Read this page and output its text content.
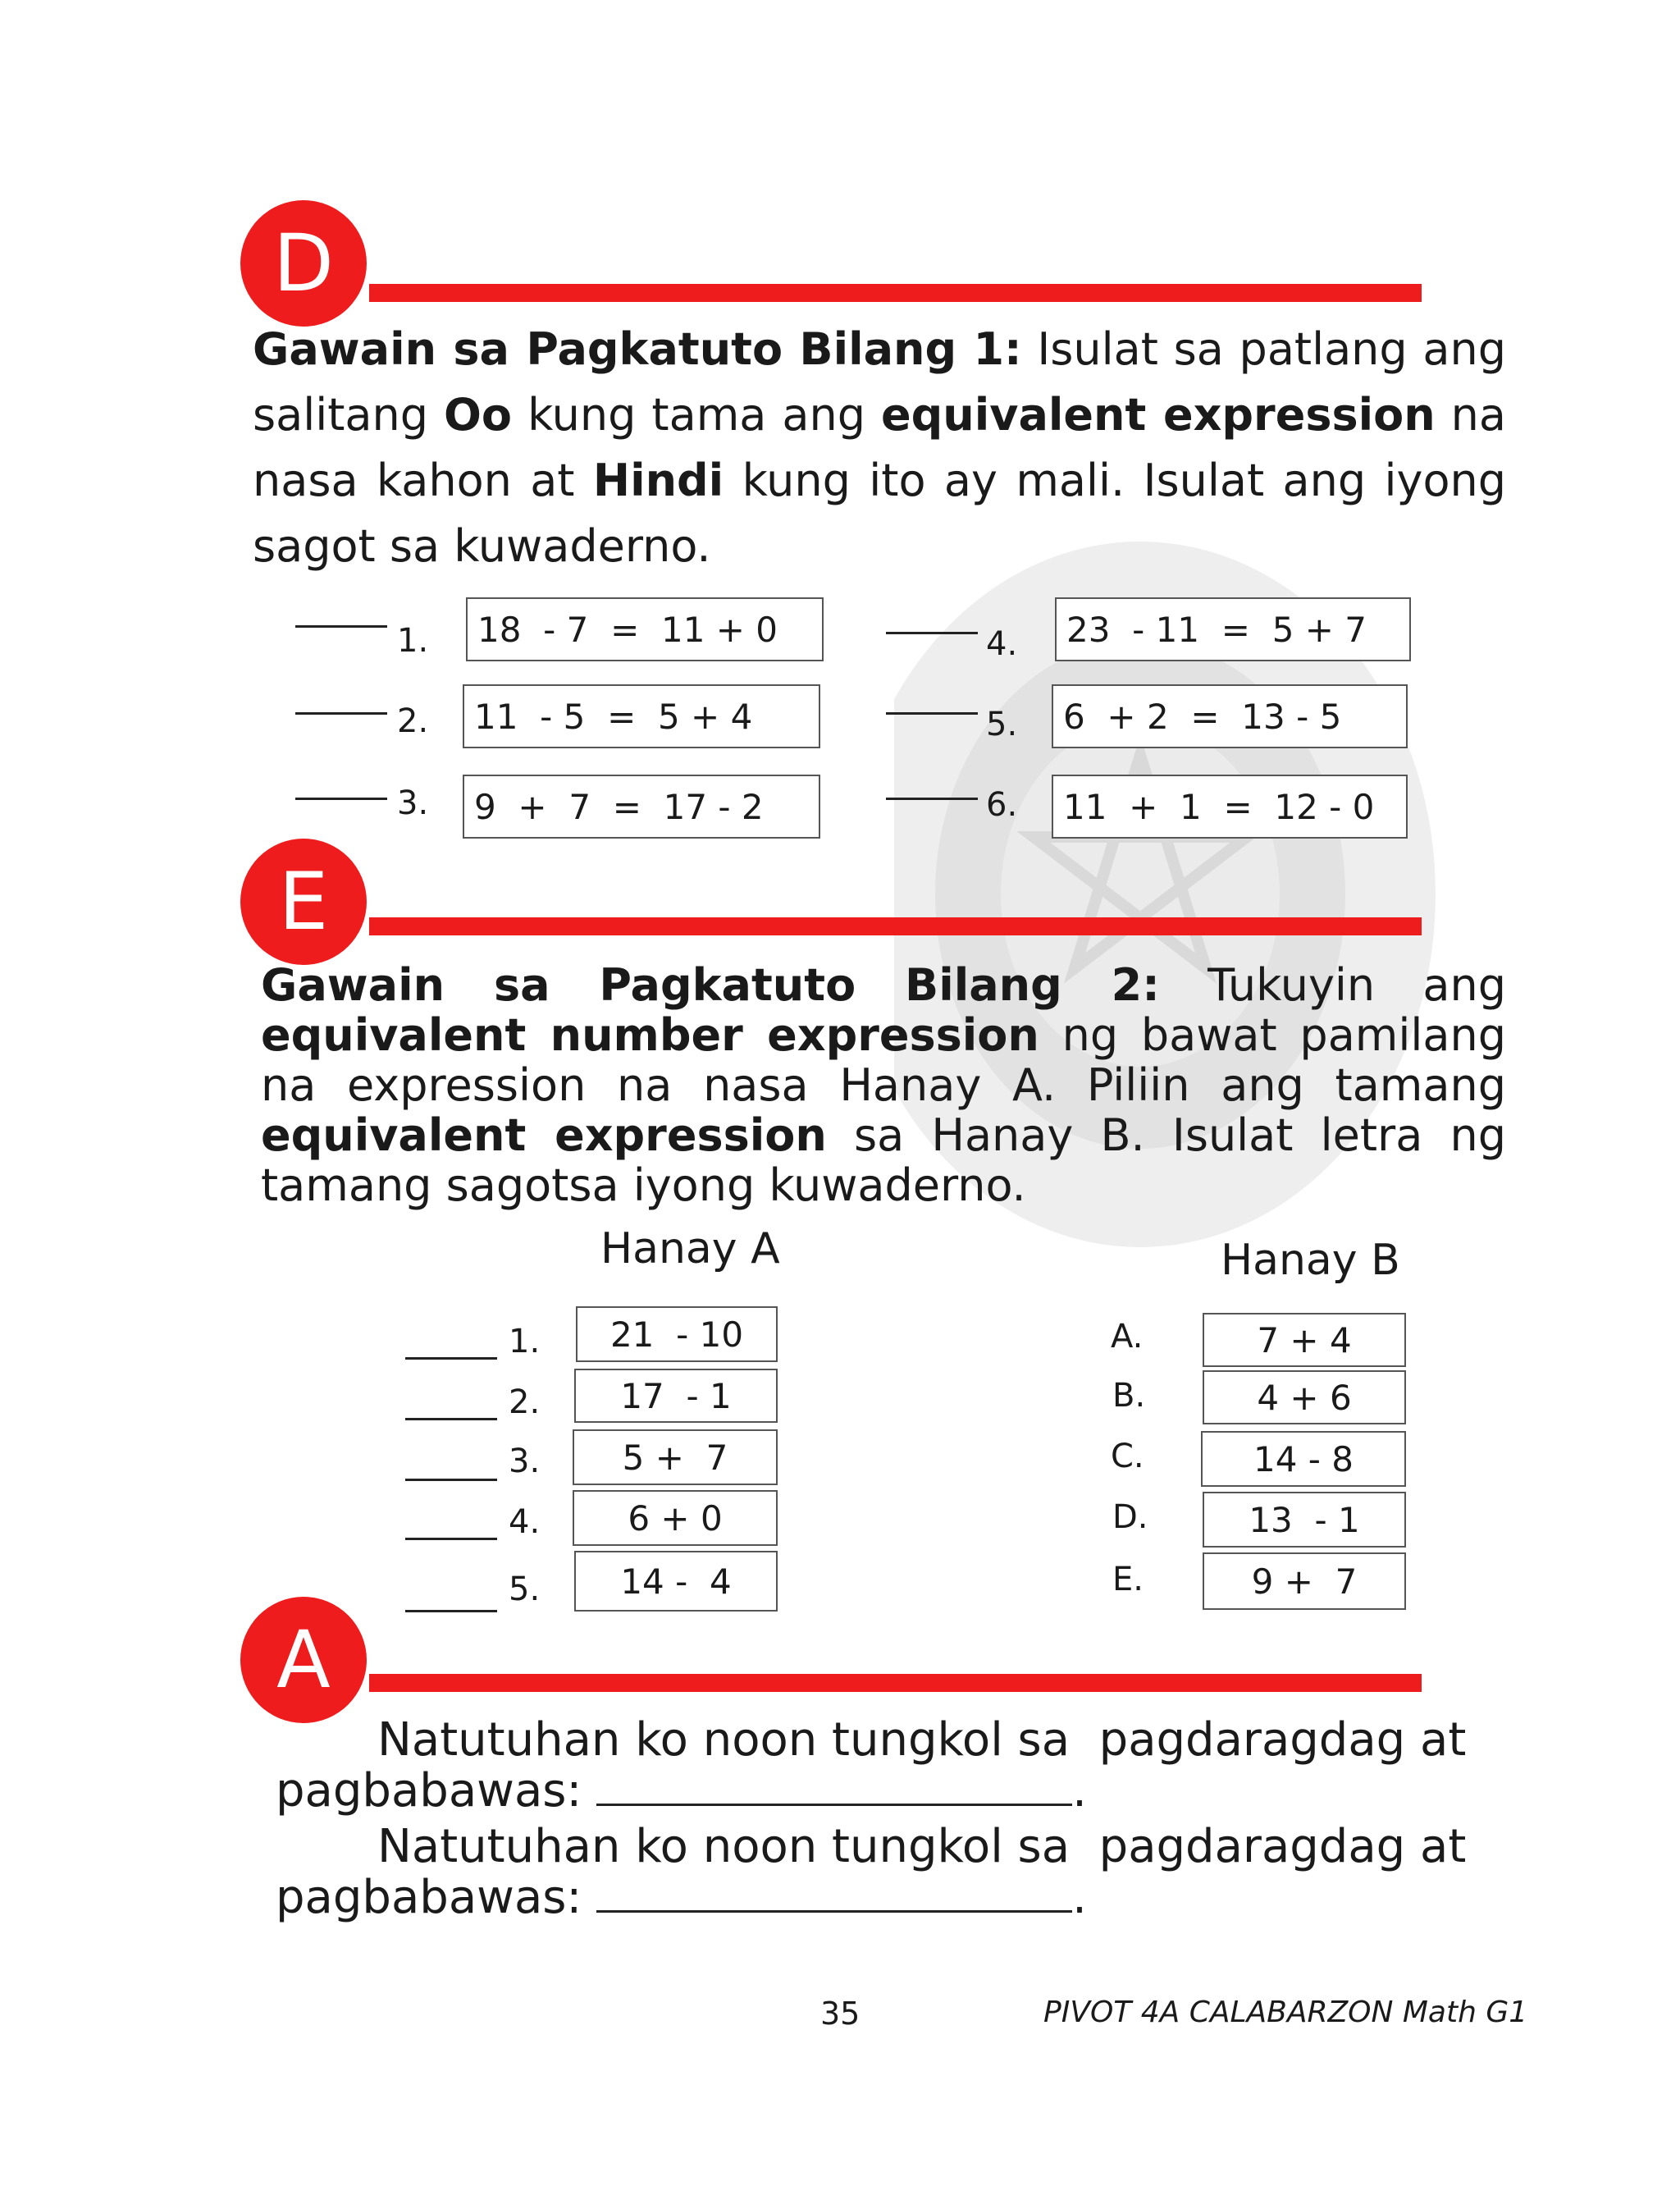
D
Gawain sa Pagkatuto Bilang 1: Isulat sa patlang ang salitang Oo kung tama ang equivalent expression na nasa kahon at Hindi kung ito ay mali. Isulat ang iyong sagot sa kuwaderno.
1.	18  - 7  =  11 + 0
2.	11  - 5  =  5 + 4
3.	9  +  7  =  17 - 2
4.	23  - 11  =  5 + 7
5.	6  + 2  =  13 - 5
6.	11  +  1  =  12 - 0
E
Gawain sa Pagkatuto Bilang 2: Tukuyin ang equivalent number expression ng bawat pamilang na expression na nasa Hanay A. Piliin ang tamang equivalent expression sa Hanay B. Isulat letra ng tamang sagotsa iyong kuwaderno.
Hanay A	Hanay B
1.	21  - 10
2.	17  - 1
3.	5 +  7
4.	6 + 0
5.	14 -  4
A.	7 + 4
B.	4 + 6
C.	14 - 8
D.	13  - 1
E.	9 +  7
A
Natutuhan ko noon tungkol sa  pagdaragdag at
pagbabawas:	.
Natutuhan ko noon tungkol sa  pagdaragdag at
pagbabawas:	.
35	PIVOT 4A CALABARZON Math G1
